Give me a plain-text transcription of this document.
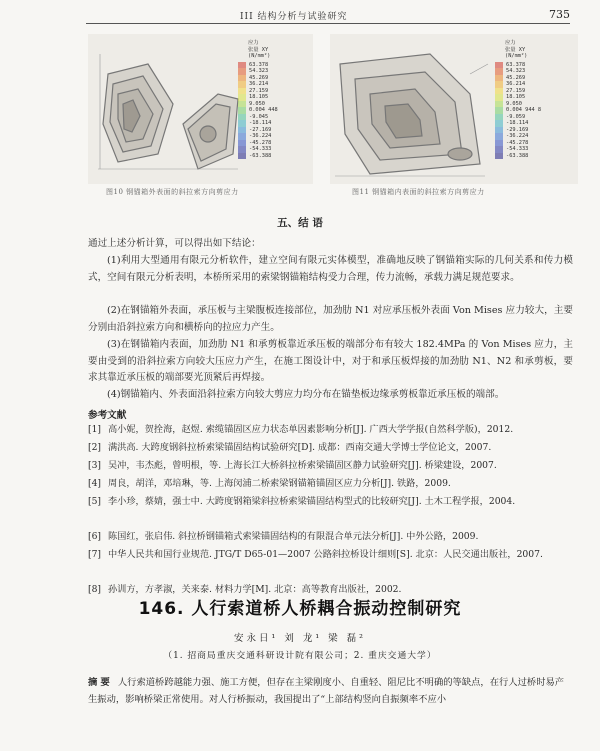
III 结构分析与试验研究	735
应力
张量 XY
(N/mm²)
63.378
54.323
45.269
36.214
27.159
18.105
9.050
0.004 448
-9.045
-18.114
-27.169
-36.224
-45.278
-54.333
-63.388
图10 钢锚箱外表面的斜拉索方向剪应力
应力
张量 XY
(N/mm²)
63.378
54.323
45.269
36.214
27.159
18.105
9.050
0.004 944 8
-9.059
-18.114
-29.169
-36.224
-45.278
-54.333
-63.388
图11 钢锚箱内表面的斜拉索方向剪应力
五、结 语
通过上述分析计算，可以得出如下结论：
(1)利用大型通用有限元分析软件，建立空间有限元实体模型，准确地反映了钢锚箱实际的几何关系和传力模式，空间有限元分析表明，本桥所采用的索梁钢锚箱结构受力合理，传力流畅，承载力满足规范要求。
(2)在钢锚箱外表面，承压板与主梁腹板连接部位，加劲肋 N1 对应承压板外表面 Von Mises 应力较大，主要分别由沿斜拉索方向和横桥向的拉应力产生。
(3)在钢锚箱内表面，加劲肋 N1 和承剪板靠近承压板的端部分布有较大 182.4MPa 的 Von Mises 应力，主要由受到的沿斜拉索方向较大压应力产生，在施工图设计中，对于和承压板焊接的加劲肋 N1、N2 和承剪板，要求其靠近承压板的端部要光顶紧后再焊接。
(4)钢锚箱内、外表面沿斜拉索方向较大剪应力均分布在锚垫板边缘承剪板靠近承压板的端部。
参考文献
[1] 高小妮，贺拴海，赵煜. 索缆锚固区应力状态单因素影响分析[J]. 广西大学学报(自然科学版)，2012.
[2] 满洪高. 大跨度钢斜拉桥索梁锚固结构试验研究[D]. 成都：西南交通大学博士学位论文，2007.
[3] 吴冲，韦杰彪，曾明根，等. 上海长江大桥斜拉桥索梁锚固区静力试验研究[J]. 桥梁建设，2007.
[4] 周良，胡洋，邓培琳，等. 上海闵浦二桥索梁钢锚箱锚固区应力分析[J]. 铁路，2009.
[5] 李小珍，蔡婧，强士中. 大跨度钢箱梁斜拉桥索梁锚固结构型式的比较研究[J]. 土木工程学报，2004.
[6] 陈国红，张启伟. 斜拉桥钢锚箱式索梁锚固结构的有限混合单元法分析[J]. 中外公路，2009.
[7] 中华人民共和国行业规范. JTG/T D65-01—2007 公路斜拉桥设计细则[S]. 北京：人民交通出版社，2007.
[8] 孙训方，方孝淑，关来泰. 材料力学[M]. 北京：高等教育出版社，2002.
146. 人行索道桥人桥耦合振动控制研究
安永日¹ 刘 龙¹ 梁 磊²
（1. 招商局重庆交通科研设计院有限公司；2. 重庆交通大学）
摘 要 人行索道桥跨越能力强、施工方便，但存在主梁刚度小、自重轻、阻尼比不明确的等缺点，在行人过桥时易产生振动，影响桥梁正常使用。对人行桥振动，我国提出了“上部结构竖向自振频率不应小
